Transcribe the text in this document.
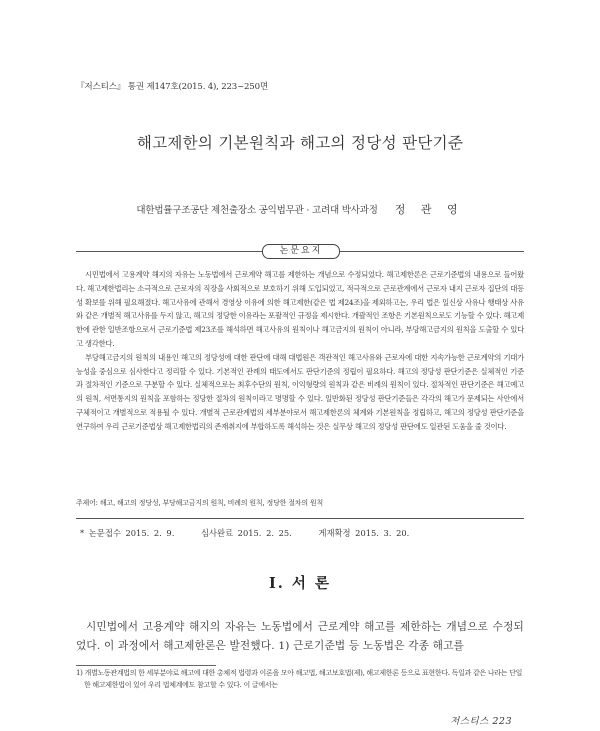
『저스티스』 통권 제147호(2015. 4), 223~250면
해고제한의 기본원칙과 해고의 정당성 판단기준
대한법률구조공단 제천출장소 공익법무관 · 고려대 박사과정 정 관 영
논문요지

시민법에서 고용계약 해지의 자유는 노동법에서 근로계약 해고를 제한하는 개념으로 수정되었다. 해고제한론은 근로기준법의 내용으로 들어왔다. 해고제한법리는 소극적으로 근로자의 직장을 사회적으로 보호하기 위해 도입되었고, 적극적으로 근로관계에서 근로자 내지 근로자 집단의 대등성 확보를 위해 필요해졌다. 해고사유에 관해서 경영상 이유에 의한 해고제한(같은 법 제24조)을 제외하고는, 우리 법은 일신상 사유나 행태상 사유와 같은 개별적 해고사유를 두지 않고, 해고의 정당한 이유라는 포괄적인 규정을 제시한다. 개괄적인 조항은 기본원칙으로도 기능할 수 있다. 해고제한에 관한 일반조항으로서 근로기준법 제23조를 해석하면 해고사유의 원칙이나 해고금지의 원칙이 아니라, 부당해고금지의 원칙을 도출할 수 있다고 생각한다.

부당해고금지의 원칙의 내용인 해고의 정당성에 대한 판단에 대해 대법원은 객관적인 해고사유와 근로자에 대한 지속가능한 근로계약의 기대가능성을 중심으로 심사한다고 정리할 수 있다. 기본적인 관례의 태도에서도 판단기준의 정립이 필요하다. 해고의 정당성 판단기준은 실체적인 기준과 절차적인 기준으로 구분할 수 있다. 실체적으로는 최후수단의 원칙, 이익형량의 원칙과 같은 비례의 원칙이 있다. 절차적인 판단기준은 해고예고의 원칙, 서면통지의 원칙을 포함하는 정당한 절차의 원칙이라고 명명할 수 있다. 일반화된 정당성 판단기준들은 각각의 해고가 문제되는 사안에서 구체적이고 개별적으로 적용될 수 있다. 개별적 근로관계법의 세부분야로서 해고제한론의 체계와 기본원칙을 정립하고, 해고의 정당성 판단기준을 연구하여 우리 근로기준법상 해고제한법리의 존재취지에 부합하도록 해석하는 것은 실무상 해고의 정당성 판단에도 일관된 도움을 줄 것이다.

주제어: 해고, 해고의 정당성, 부당해고금지의 원칙, 비례의 원칙, 정당한 절차의 원칙
* 논문접수 2015. 2. 9.	심사완료 2015. 2. 25.	게재확정 2015. 3. 20.
Ⅰ. 서 론

시민법에서 고용계약 해지의 자유는 노동법에서 근로계약 해고를 제한하는 개념으로 수정되었다. 이 과정에서 해고제한론은 발전했다. 1) 근로기준법 등 노동법은 각종 해고를

1) 개별노동관계법의 한 세부분야로 해고에 대한 총체적 법령과 이론을 모아 해고법, 해고보호법(제), 해고제한론 등으로 표현한다. 독일과 같은 나라는 단일한 해고제한법이 있어 우리 법체계에도 참고할 수 있다. 이 글에서는

저스티스 223
